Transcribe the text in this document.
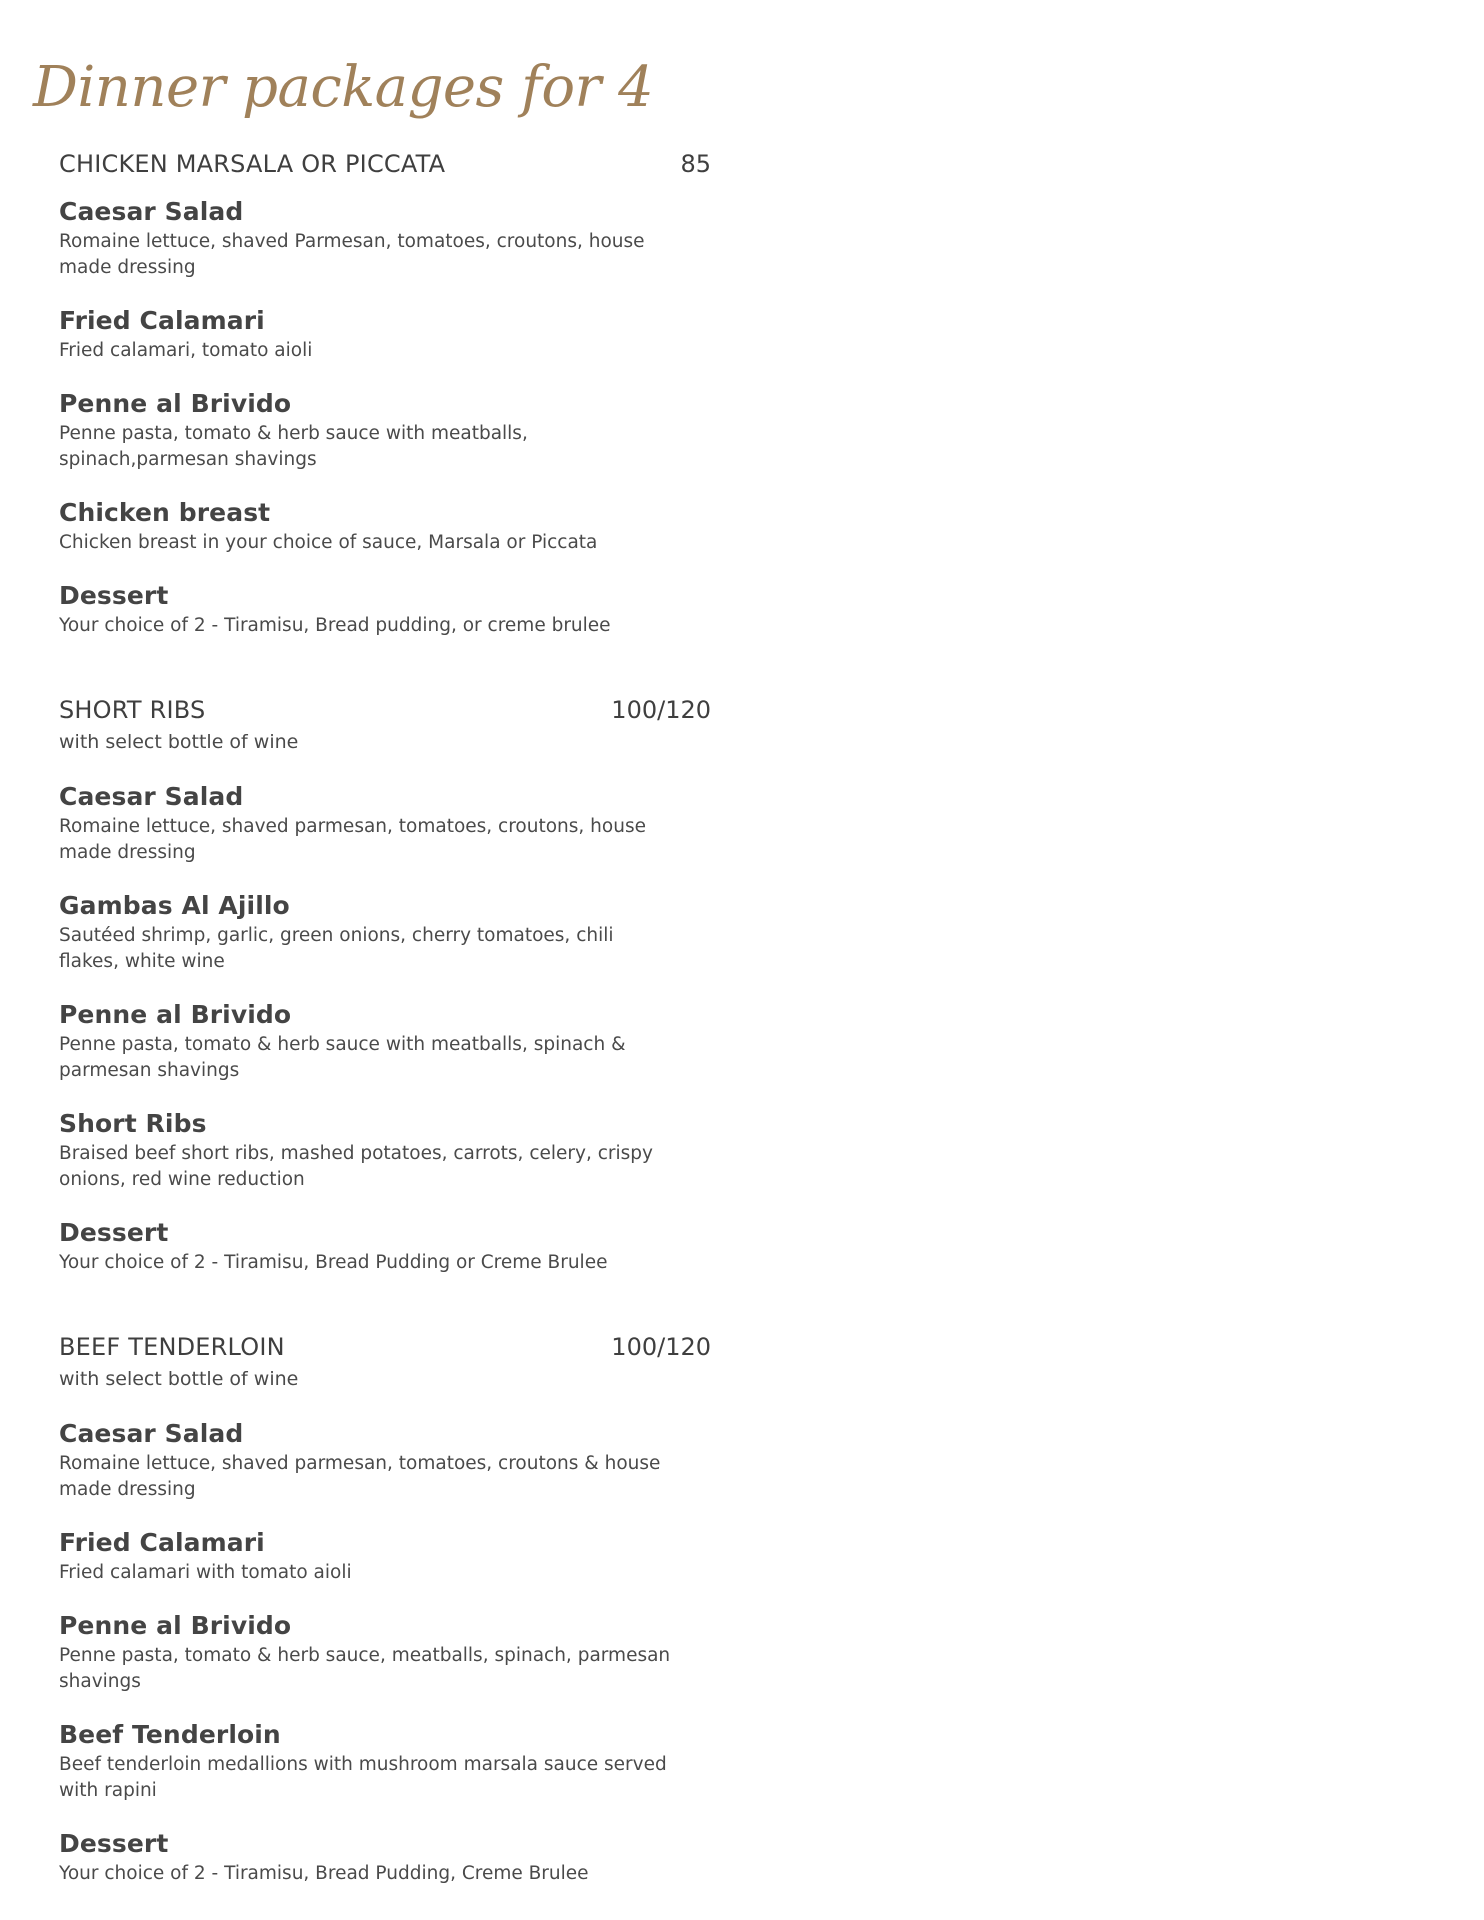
Dinner packages for 4
CHICKEN MARSALA OR PICCATA	85
Caesar Salad
Romaine lettuce, shaved Parmesan, tomatoes, croutons, house made dressing
Fried Calamari
Fried calamari, tomato aioli
Penne al Brivido
Penne pasta, tomato & herb sauce with meatballs, spinach,parmesan shavings
Chicken breast
Chicken breast in your choice of sauce, Marsala or Piccata
Dessert
Your choice of 2 - Tiramisu, Bread pudding, or creme brulee
SHORT RIBS	100/120
with select bottle of wine
Caesar Salad
Romaine lettuce, shaved parmesan, tomatoes, croutons, house made dressing
Gambas Al Ajillo
Sautéed shrimp, garlic, green onions, cherry tomatoes, chili flakes, white wine
Penne al Brivido
Penne pasta, tomato & herb sauce with meatballs, spinach & parmesan shavings
Short Ribs
Braised beef short ribs, mashed potatoes, carrots, celery, crispy onions, red wine reduction
Dessert
Your choice of 2 - Tiramisu, Bread Pudding or Creme Brulee
BEEF TENDERLOIN	100/120
with select bottle of wine
Caesar Salad
Romaine lettuce, shaved parmesan, tomatoes, croutons & house made dressing
Fried Calamari
Fried calamari with tomato aioli
Penne al Brivido
Penne pasta, tomato & herb sauce, meatballs, spinach, parmesan shavings
Beef Tenderloin
Beef tenderloin medallions with mushroom marsala sauce served with rapini
Dessert
Your choice of 2 - Tiramisu, Bread Pudding, Creme Brulee
